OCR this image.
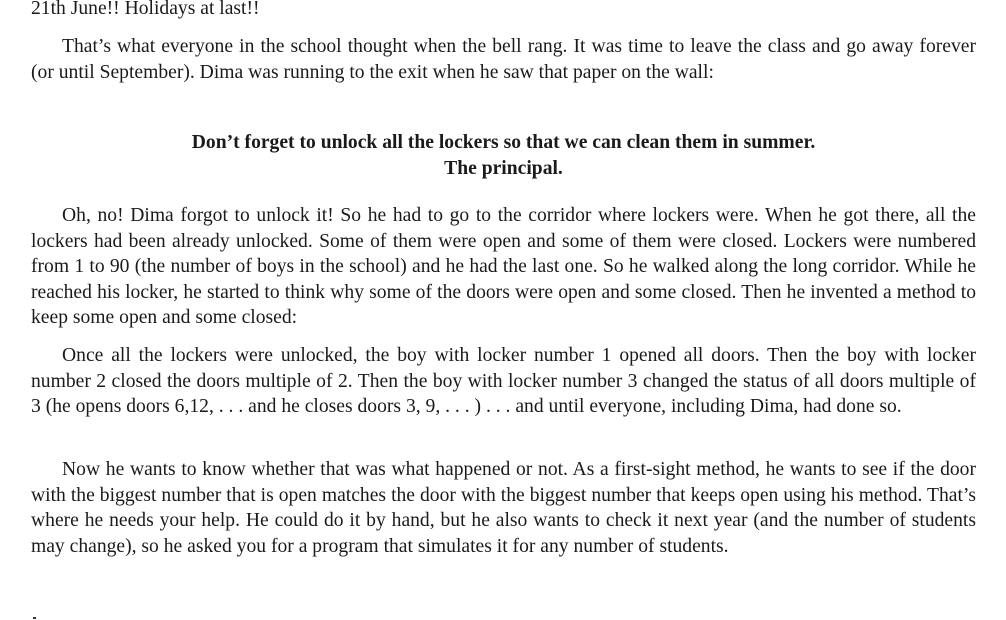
21th June!! Holidays at last!!

That’s what everyone in the school thought when the bell rang. It was time to leave the class and go away forever (or until September). Dima was running to the exit when he saw that paper on the wall:

Don’t forget to unlock all the lockers so that we can clean them in summer.
The principal.

Oh, no! Dima forgot to unlock it! So he had to go to the corridor where lockers were. When he got there, all the lockers had been already unlocked. Some of them were open and some of them were closed. Lockers were numbered from 1 to 90 (the number of boys in the school) and he had the last one. So he walked along the long corridor. While he reached his locker, he started to think why some of the doors were open and some closed. Then he invented a method to keep some open and some closed:

Once all the lockers were unlocked, the boy with locker number 1 opened all doors. Then the boy with locker number 2 closed the doors multiple of 2. Then the boy with locker number 3 changed the status of all doors multiple of 3 (he opens doors 6,12, . . . and he closes doors 3, 9, . . . ) . . . and until everyone, including Dima, had done so.

Now he wants to know whether that was what happened or not. As a first-sight method, he wants to see if the door with the biggest number that is open matches the door with the biggest number that keeps open using his method. That’s where he needs your help. He could do it by hand, but he also wants to check it next year (and the number of students may change), so he asked you for a program that simulates it for any number of students.
